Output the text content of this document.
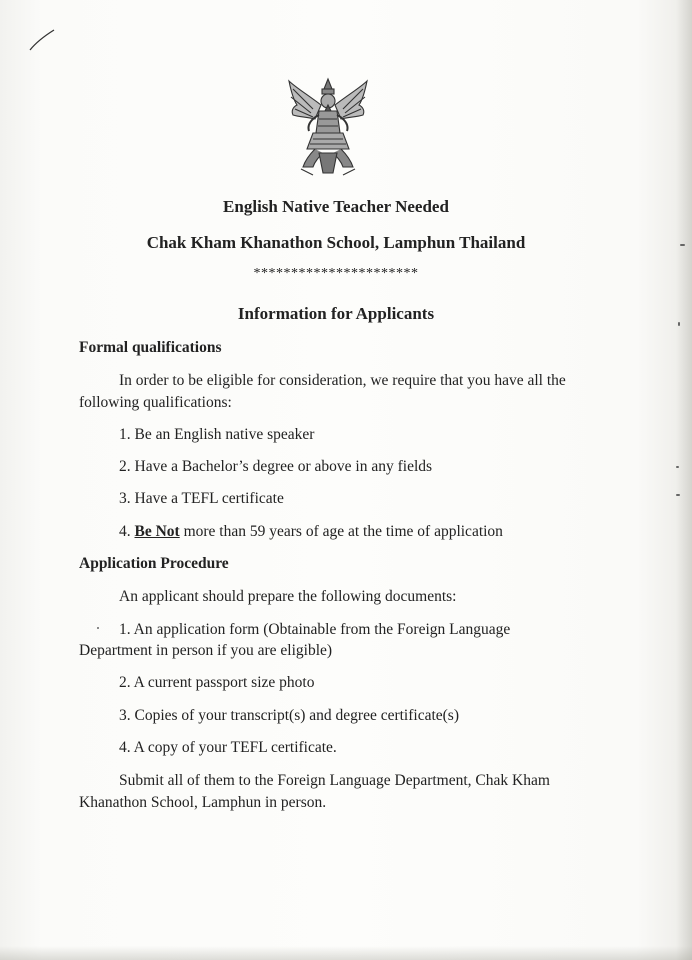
English Native Teacher Needed
Chak Kham Khanathon School, Lamphun Thailand
**********************
Information for Applicants
Formal qualifications
In order to be eligible for consideration, we require that you have all the
following qualifications:
1. Be an English native speaker
2. Have a Bachelor’s degree or above in any fields
3. Have a TEFL certificate
4. Be Not more than 59 years of age at the time of application
Application Procedure
An applicant should prepare the following documents:
1. An application form (Obtainable from the Foreign Language
Department in person if you are eligible)
2. A current passport size photo
3. Copies of your transcript(s) and degree certificate(s)
4. A copy of your TEFL certificate.
Submit all of them to the Foreign Language Department, Chak Kham
Khanathon School, Lamphun in person.
